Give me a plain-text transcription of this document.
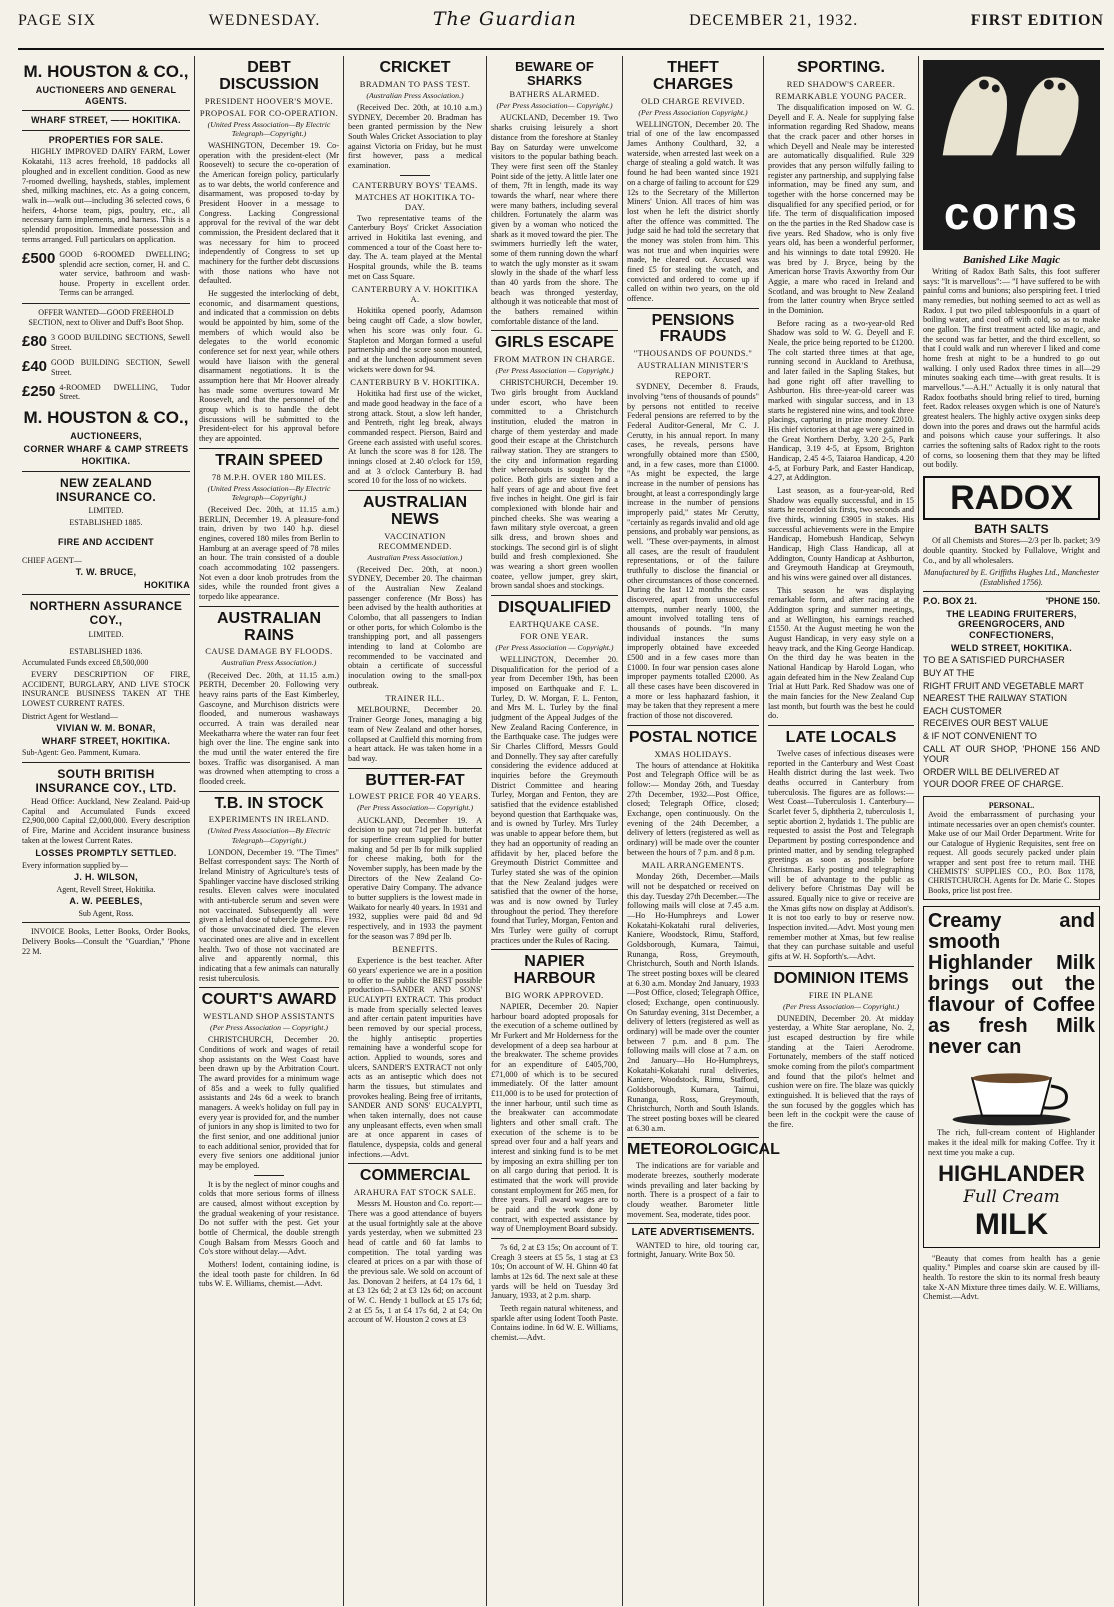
PAGE SIX	WEDNESDAY.	The Guardian	DECEMBER 21, 1932.	FIRST EDITION
M. HOUSTON & CO.,
AUCTIONEERS AND GENERAL AGENTS.
WHARF STREET, —— HOKITIKA.
PROPERTIES FOR SALE.

HIGHLY IMPROVED DAIRY FARM, Lower Kokatahi, 113 acres freehold, 18 paddocks all ploughed and in excellent condition. Good as new 7-roomed dwelling, haysheds, stables, implement shed, milking machines, etc. As a going concern, walk in—walk out—including 36 selected cows, 6 heifers, 4-horse team, pigs, poultry, etc., all necessary farm implements, and harness. This is a splendid proposition. Immediate possession and terms arranged. Full particulars on application.

£500 GOOD 6-ROOMED DWELLING; splendid acre section, corner, H. and C. water service, bathroom and wash-house. Property in excellent order. Terms can be arranged.
OFFER WANTED—GOOD FREEHOLD SECTION, next to Oliver and Duff's Boot Shop.
£80 3 GOOD BUILDING SECTIONS, Sewell Street.
£40 GOOD BUILDING SECTION, Sewell Street.
£250 4-ROOMED DWELLING, Tudor Street.
M. HOUSTON & CO.,
AUCTIONEERS,
CORNER WHARF & CAMP STREETS
HOKITIKA.
NEW ZEALAND INSURANCE CO.
LIMITED.
ESTABLISHED 1885.
FIRE AND ACCIDENT
CHIEF AGENT—
T. W. BRUCE,
HOKITIKA
NORTHERN ASSURANCE COY.,
LIMITED.
ESTABLISHED 1836.
Accumulated Funds exceed £8,500,000

EVERY DESCRIPTION OF FIRE, ACCIDENT, BURGLARY, AND LIVE STOCK INSURANCE BUSINESS TAKEN AT THE LOWEST CURRENT RATES.

District Agent for Westland—
VIVIAN W. M. BONAR,
WHARF STREET, HOKITIKA.
Sub-Agent: Geo. Pamment, Kumara.
SOUTH BRITISH INSURANCE COY., LTD.

Head Office: Auckland, New Zealand. Paid-up Capital and Accumulated Funds exceed £2,900,000 Capital £2,000,000. Every description of Fire, Marine and Accident insurance business taken at the lowest Current Rates.

LOSSES PROMPTLY SETTLED.
Every information supplied by—
J. H. WILSON,
Agent, Revell Street, Hokitika.
A. W. PEEBLES,
Sub Agent, Ross.

INVOICE Books, Letter Books, Order Books, Delivery Books—Consult the "Guardian," 'Phone 22 M.

DEBT DISCUSSION
PRESIDENT HOOVER'S MOVE.
PROPOSAL FOR CO-OPERATION.
(United Press Association—By Electric Telegraph—Copyright.)

WASHINGTON, December 19. Co-operation with the president-elect (Mr Roosevelt) to secure the co-operation of the American foreign policy, particularly as to war debts, the world conference and disarmament, was proposed to-day by President Hoover in a message to Congress. Lacking Congressional approval for the revival of the war debt commission, the President declared that it was necessary for him to proceed independently of Congress to set up machinery for the further debt discussions with those nations who have not defaulted.

He suggested the interlocking of debt, economic, and disarmament questions, and indicated that a commission on debts would be appointed by him, some of the members of which would also be delegates to the world economic conference set for next year, while others would have liaison with the general disarmament negotiations. It is the assumption here that Mr Hoover already has made some overtures toward Mr Roosevelt, and that the personnel of the group which is to handle the debt discussions will be submitted to the President-elect for his approval before they are appointed.

TRAIN SPEED
78 M.P.H. OVER 180 MILES.
(United Press Association—By Electric Telegraph—Copyright.)

(Received Dec. 20th, at 11.15 a.m.) BERLIN, December 19. A pleasure-fond train, driven by two 140 h.p. diesel engines, covered 180 miles from Berlin to Hamburg at an average speed of 78 miles an hour. The train consisted of a double coach accommodating 102 passengers. Not even a door knob protrudes from the sides, while the rounded front gives a torpedo like appearance.

AUSTRALIAN RAINS
CAUSE DAMAGE BY FLOODS.
Australian Press Association.)

(Received Dec. 20th, at 11.15 a.m.) PERTH, December 20. Following very heavy rains parts of the East Kimberley, Gascoyne, and Murchison districts were flooded, and numerous washaways occurred. A train was derailed near Meekatharra where the water ran four feet high over the line. The engine sank into the mud until the water entered the fire boxes. Traffic was disorganised. A man was drowned when attempting to cross a flooded creek.

T.B. IN STOCK
EXPERIMENTS IN IRELAND.
(United Press Association—By Electric Telegraph—Copyright.)

LONDON, December 19. "The Times" Belfast correspondent says: The North of Ireland Ministry of Agriculture's tests of Spahlinger vaccine have disclosed striking results. Eleven calves were inoculated with anti-tubercle serum and seven were not vaccinated. Subsequently all were given a lethal dose of tubercle germs. Five of those unvaccinated died. The eleven vaccinated ones are alive and in excellent health. Two of those not vaccinated are alive and apparently normal, this indicating that a few animals can naturally resist tuberculosis.

COURT'S AWARD
WESTLAND SHOP ASSISTANTS
(Per Press Association — Copyright.)

CHRISTCHURCH, December 20. Conditions of work and wages of retail shop assistants on the West Coast have been drawn up by the Arbitration Court. The award provides for a minimum wage of 85s and a week to fully qualified assistants and 24s 6d a week to branch managers. A week's holiday on full pay in every year is provided for, and the number of juniors in any shop is limited to two for the first senior, and one additional junior to each additional senior, provided that for every five seniors one additional junior may be employed.

It is by the neglect of minor coughs and colds that more serious forms of illness are caused, almost without exception by the gradual weakening of your resistance. Do not suffer with the pest. Get your bottle of Chermical, the double strength Cough Balsam from Messrs Gooch and Co's store without delay.—Advt.

Mothers! Iodent, containing iodine, is the ideal tooth paste for children. In 6d tubs W. E. Williams, chemist.—Advt.

CRICKET
BRADMAN TO PASS TEST.
(Australian Press Association.)

(Received Dec. 20th, at 10.10 a.m.) SYDNEY, December 20. Bradman has been granted permission by the New South Wales Cricket Association to play against Victoria on Friday, but he must first however, pass a medical examination.

CANTERBURY BOYS' TEAMS.
MATCHES AT HOKITIKA TO-DAY.

Two representative teams of the Canterbury Boys' Cricket Association arrived in Hokitika last evening, and commenced a tour of the Coast here to-day. The A. team played at the Mental Hospital grounds, while the B. teams met on Cass Square.

CANTERBURY A V. HOKITIKA A.

Hokitika opened poorly, Adamson being caught off Cade, a slow bowler, when his score was only four. G. Stapleton and Morgan formed a useful partnership and the score soon mounted, and at the luncheon adjournment seven wickets were down for 94.

CANTERBURY B V. HOKITIKA.

Hokitika had first use of the wicket, and made good headway in the face of a strong attack. Stout, a slow left hander, and Pentreth, right leg break, always commanded respect. Pierson, Baird and Greene each assisted with useful scores. At lunch the score was 8 for 128. The innings closed at 2.40 o'clock for 159, and at 3 o'clock Canterbury B. had scored 10 for the loss of no wickets.

AUSTRALIAN NEWS
VACCINATION RECOMMENDED.
Australian Press Association.)

(Received Dec. 20th, at noon.) SYDNEY, December 20. The chairman of the Australian New Zealand passenger conference (Mr Boss) has been advised by the health authorities at Colombo, that all passengers to Indian or other ports, for which Colombo is the transhipping port, and all passengers intending to land at Colombo are recommended to be vaccinated and obtain a certificate of successful inoculation owing to the small-pox outbreak.

TRAINER ILL.

MELBOURNE, December 20. Trainer George Jones, managing a big team of New Zealand and other horses, collapsed at Caulfield this morning from a heart attack. He was taken home in a bad way.

BUTTER-FAT
LOWEST PRICE FOR 40 YEARS.
(Per Press Association— Copyright.)

AUCKLAND, December 19. A decision to pay out 71d per lb. butterfat for superfine cream supplied for butter making and 5d per lb for milk supplied for cheese making, both for the November supply, has been made by the Directors of the New Zealand Co-operative Dairy Company. The advance to butter suppliers is the lowest made in Waikato for nearly 40 years. In 1931 and 1932, supplies were paid 8d and 9d respectively, and in 1933 the payment for the season was 7 89d per lb.

BENEFITS.

Experience is the best teacher. After 60 years' experience we are in a position to offer to the public the BEST possible production—SANDER AND SONS' EUCALYPTI EXTRACT. This product is made from specially selected leaves and after certain patent impurities have been removed by our special process, the highly antiseptic properties remaining have a wonderful scope for action. Applied to wounds, sores and ulcers, SANDER'S EXTRACT not only acts as an antiseptic which does not harm the tissues, but stimulates and provokes healing. Being free of irritants, SANDER AND SONS' EUCALYPTI, when taken internally, does not cause any unpleasant effects, even when small are at once apparent in cases of flatulence, dyspepsia, colds and general infections.—Advt.

COMMERCIAL
ARAHURA FAT STOCK SALE.

Messrs M. Houston and Co. report:—There was a good attendance of buyers at the usual fortnightly sale at the above yards yesterday, when we submitted 23 head of cattle and 60 fat lambs to competition. The total yarding was cleared at prices on a par with those of the previous sale. We sold on account of Jas. Donovan 2 heifers, at £4 17s 6d, 1 at £3 12s 6d; 2 at £3 12s 6d; on account of W. C. Hendy 1 bullock at £5 17s 6d; 2 at £5 5s, 1 at £4 17s 6d, 2 at £4; On account of W. Houston 2 cows at £3

BEWARE OF SHARKS
BATHERS ALARMED.
(Per Press Association— Copyright.)

AUCKLAND, December 19. Two sharks cruising leisurely a short distance from the foreshore at Stanley Bay on Saturday were unwelcome visitors to the popular bathing beach. They were first seen off the Stanley Point side of the jetty. A little later one of them, 7ft in length, made its way towards the wharf, near where there were many bathers, including several children. Fortunately the alarm was given by a woman who noticed the shark as it moved toward the pier. The swimmers hurriedly left the water, some of them running down the wharf to watch the ugly monster as it swam slowly in the shade of the wharf less than 40 yards from the shore. The beach was thronged yesterday, although it was noticeable that most of the bathers remained within comfortable distance of the land.

GIRLS ESCAPE
FROM MATRON IN CHARGE.
(Per Press Association — Copyright.)

CHRISTCHURCH, December 19. Two girls brought from Auckland under escort, who have been committed to a Christchurch institution, eluded the matron in charge of them yesterday and made good their escape at the Christchurch railway station. They are strangers to the city and information regarding their whereabouts is sought by the police. Both girls are sixteen and a half years of age and about five feet five inches in height. One girl is fair complexioned with blonde hair and pinched cheeks. She was wearing a fawn military style overcoat, a green silk dress, and brown shoes and stockings. The second girl is of slight build and fresh complexioned. She was wearing a short green woollen coatee, yellow jumper, grey skirt, brown sandal shoes and stockings.

DISQUALIFIED
EARTHQUAKE CASE.
FOR ONE YEAR.
(Per Press Association — Copyright.)

WELLINGTON, December 20. Disqualification for the period of a year from December 19th, has been imposed on Earthquake and F. L. Turley, D. W. Morgan, F. L. Fenton, and Mrs M. L. Turley by the final judgment of the Appeal Judges of the New Zealand Racing Conference, in the Earthquake case. The judges were Sir Charles Clifford, Messrs Gould and Donnelly. They say after carefully considering the evidence adduced at inquiries before the Greymouth District Committee and hearing Turley, Morgan and Fenton, they are satisfied that the evidence established beyond question that Earthquake was, and is owned by Turley. Mrs Turley was unable to appear before them, but they had an opportunity of reading an affidavit by her, placed before the Greymouth District Committee and Turley stated she was of the opinion that the New Zealand judges were satisfied that the owner of the horse, was and is now owned by Turley throughout the period. They therefore found that Turley, Morgan, Fenton and Mrs Turley were guilty of corrupt practices under the Rules of Racing.

NAPIER HARBOUR
BIG WORK APPROVED.

NAPIER, December 20. Napier harbour board adopted proposals for the execution of a scheme outlined by Mr Furkert and Mr Holderness for the development of a deep sea harbour at the breakwater. The scheme provides for an expenditure of £405,700, £71,000 of which is to be secured immediately. Of the latter amount £11,000 is to be used for protection of the inner harbour, until such time as the breakwater can accommodate lighters and other small craft. The execution of the scheme is to be spread over four and a half years and interest and sinking fund is to be met by imposing an extra shilling per ton on all cargo during that period. It is estimated that the work will provide constant employment for 265 men, for three years. Full award wages are to be paid and the work done by contract, with expected assistance by way of Unemployment Board subsidy.

7s 6d, 2 at £3 15s; On account of T. Creagh 3 steers at £5 5s, 1 stag at £3 10s; On account of W. H. Ghinn 40 fat lambs at 12s 6d. The next sale at these yards will be held on Tuesday 3rd January, 1933, at 2 p.m. sharp.

Teeth regain natural whiteness, and sparkle after using Iodent Tooth Paste. Contains iodine. In 6d W. E. Williams, chemist.—Advt.

THEFT CHARGES
OLD CHARGE REVIVED.
(Per Press Association Copyright.)

WELLINGTON, December 20. The trial of one of the law encompassed James Anthony Coulthard, 32, a waterside, when arrested last week on a charge of stealing a gold watch. It was found he had been wanted since 1921 on a charge of failing to account for £29 12s to the Secretary of the Millerton Miners' Union. All traces of him was lost when he left the district shortly after the offence was committed. The judge said he had told the secretary that the money was stolen from him. This was not true and when inquiries were made, he cleared out. Accused was fined £5 for stealing the watch, and convicted and ordered to come up if called on within two years, on the old offence.

PENSIONS FRAUDS
"THOUSANDS OF POUNDS."
AUSTRALIAN MINISTER'S REPORT.

SYDNEY, December 8. Frauds, involving "tens of thousands of pounds" by persons not entitled to receive Federal pensions are referred to by the Federal Auditor-General, Mr C. J. Cerutty, in his annual report. In many cases, he reveals, persons have wrongfully obtained more than £500, and, in a few cases, more than £1000. "As might be expected, the large increase in the number of pensions has brought, at least a correspondingly large increase in the number of pensions improperly paid," states Mr Cerutty, "certainly as regards invalid and old age pensions, and probably war pensions, as well. "These over-payments, in almost all cases, are the result of fraudulent representations, or of the failure truthfully to disclose the financial or other circumstances of those concerned. During the last 12 months the cases discovered, apart from unsuccessful attempts, number nearly 1000, the amount involved totalling tens of thousands of pounds. "In many individual instances the sums improperly obtained have exceeded £500 and in a few cases more than £1000. In four war pension cases alone improper payments totalled £2000. As all these cases have been discovered in a more or less haphazard fashion, it may be taken that they represent a mere fraction of those not discovered.

POSTAL NOTICE
XMAS HOLIDAYS.

The hours of attendance at Hokitika Post and Telegraph Office will be as follow:— Monday 26th, and Tuesday 27th December, 1932—Post Office, closed; Telegraph Office, closed; Exchange, open continuously. On the evening of the 24th December, a delivery of letters (registered as well as ordinary) will be made over the counter between the hours of 7 p.m. and 8 p.m.

MAIL ARRANGEMENTS.

Monday 26th, December.—Mails will not be despatched or received on this day. Tuesday 27th December.—The following mails will close at 7.45 a.m.—Ho Ho-Humphreys and Lower Kokatahi-Kokatahi rural deliveries, Kaniere, Woodstock, Rimu, Stafford, Goldsborough, Kumara, Taimui, Runanga, Ross, Greymouth, Christchurch, South and North Islands. The street posting boxes will be cleared at 6.30 a.m. Monday 2nd January, 1933—Post Office, closed; Telegraph Office, closed; Exchange, open continuously. On Saturday evening, 31st December, a delivery of letters (registered as well as ordinary) will be made over the counter between 7 p.m. and 8 p.m. The following mails will close at 7 a.m. on 2nd January—Ho Ho-Humphreys, Kokatahi-Kokatahi rural deliveries, Kaniere, Woodstock, Rimu, Stafford, Goldsborough, Kumara, Taimui, Runanga, Ross, Greymouth, Christchurch, North and South Islands. The street posting boxes will be cleared at 6.30 a.m.

METEOROLOGICAL

The indications are for variable and moderate breezes, southerly moderate winds prevailing and later backing by north. There is a prospect of a fair to cloudy weather. Barometer little movement. Sea, moderate, tides poor.

LATE ADVERTISEMENTS.

WANTED to hire, old touring car, fortnight, January. Write Box 50.

SPORTING.
RED SHADOW'S CAREER.
REMARKABLE YOUNG PACER.

The disqualification imposed on W. G. Deyell and F. A. Neale for supplying false information regarding Red Shadow, means that the crack pacer and other horses in which Deyell and Neale may be interested are automatically disqualified. Rule 329 provides that any person wilfully failing to register any partnership, and supplying false information, may be fined any sum, and together with the horse concerned may be disqualified for any specified period, or for life. The term of disqualification imposed on the the parties in the Red Shadow case is five years. Red Shadow, who is only five years old, has been a wonderful performer, and his winnings to date total £9920. He was bred by J. Bryce, being by the American horse Travis Axworthy from Our Aggie, a mare who raced in Ireland and Scotland, and was brought to New Zealand from the latter country when Bryce settled in the Dominion.

Before racing as a two-year-old Red Shadow was sold to W. G. Deyell and F. Neale, the price being reported to be £1200. The colt started three times at that age, running second in Auckland to Arethusa, and later failed in the Sapling Stakes, but had gone right off after travelling to Ashburton. His three-year-old career was marked with singular success, and in 13 starts he registered nine wins, and took three placings, capturing in prize money £2010. His chief victories at that age were gained in the Great Northern Derby, 3.20 2-5, Park Handicap, 3.19 4-5, at Epsom, Brighton Handicap, 2.45 4-5, Taiaroa Handicap, 4.20 4-5, at Forbury Park, and Easter Handicap, 4.27, at Addington.

Last season, as a four-year-old, Red Shadow was equally successful, and in 15 starts he recorded six firsts, two seconds and five thirds, winning £3905 in stakes. His successful achievements were in the Empire Handicap, Homebush Handicap, Selwyn Handicap, High Class Handicap, all at Addington, County Handicap at Ashburton, and Greymouth Handicap at Greymouth, and his wins were gained over all distances.

This season he was displaying remarkable form, and after racing at the Addington spring and summer meetings, and at Wellington, his earnings reached £1550. At the August meeting he won the August Handicap, in very easy style on a heavy track, and the King George Handicap. On the third day he was beaten in the National Handicap by Harold Logan, who again defeated him in the New Zealand Cup Trial at Hutt Park. Red Shadow was one of the main fancies for the New Zealand Cup last month, but fourth was the best he could do.

LATE LOCALS

Twelve cases of infectious diseases were reported in the Canterbury and West Coast Health district during the last week. Two deaths occurred in Canterbury from tuberculosis. The figures are as follows:—West Coast—Tuberculosis 1. Canterbury—Scarlet fever 5, diphtheria 2, tuberculosis 1, septic abortion 2, hydatids 1. The public are requested to assist the Post and Telegraph Department by posting correspondence and printed matter, and by sending telegraphed greetings as soon as possible before Christmas. Early posting and telegraphing will be of advantage to the public as delivery before Christmas Day will be assured. Equally nice to give or receive are the Xmas gifts now on display at Addison's. It is not too early to buy or reserve now. Inspection invited.—Advt. Most young men remember mother at Xmas, but few realise that they can purchase suitable and useful gifts at W. H. Sopforth's.—Advt.

DOMINION ITEMS
FIRE IN PLANE
(Per Press Association— Copyright.)

DUNEDIN, December 20. At midday yesterday, a White Star aeroplane, No. 2, just escaped destruction by fire while standing at the Taieri Aerodrome. Fortunately, members of the staff noticed smoke coming from the pilot's compartment and found that the pilot's helmet and cushion were on fire. The blaze was quickly extinguished. It is believed that the rays of the sun focused by the goggles which has been left in the cockpit were the cause of the fire.

corns
Banished Like Magic

Writing of Radox Bath Salts, this foot sufferer says: "It is marvellous":— "I have suffered to be with painful corns and bunions; also perspiring feet. I tried many remedies, but nothing seemed to act as well as Radox. I put two piled tablespoonfuls in a quart of boiling water, and cool off with cold, so as to make one gallon. The first treatment acted like magic, and the second was far better, and the third excellent, so that I could walk and run wherever I liked and come home fresh at night to be a hundred to go out walking. I only used Radox three times in all—29 minutes soaking each time—with great results. It is marvellous."—A.H." Actually it is only natural that Radox footbaths should bring relief to tired, burning feet. Radox releases oxygen which is one of Nature's greatest healers. The highly active oxygen sinks deep down into the pores and draws out the harmful acids and poisons which cause your sufferings. It also carries the softening salts of Radox right to the roots of corns, so loosening them that they may be lifted out bodily.

RADOX
BATH SALTS

Of all Chemists and Stores—2/3 per lb. packet; 3/9 double quantity. Stocked by Fullalove, Wright and Co., and by all wholesalers.

Manufactured by E. Griffiths Hughes Ltd., Manchester (Established 1756).
P.O. BOX 21.	'PHONE 150.
THE LEADING FRUITERERS, GREENGROCERS, AND CONFECTIONERS,
WELD STREET, HOKITIKA.
TO BE A SATISFIED PURCHASER
BUY AT THE
RIGHT FRUIT AND VEGETABLE MART
NEAREST THE RAILWAY STATION
EACH CUSTOMER
RECEIVES OUR BEST VALUE
& IF NOT CONVENIENT TO
CALL AT OUR SHOP, 'PHONE 156 AND YOUR
ORDER WILL BE DELIVERED AT
YOUR DOOR FREE OF CHARGE.
PERSONAL.
Avoid the embarrassment of purchasing your intimate necessaries over an open chemist's counter. Make use of our Mail Order Department. Write for our Catalogue of Hygienic Requisites, sent free on request. All goods securely packed under plain wrapper and sent post free to return mail. THE CHEMISTS' SUPPLIES CO., P.O. Box 1178, CHRISTCHURCH. Agents for Dr. Marie C. Stopes Books, price list post free.
Creamy and smooth Highlander Milk brings out the flavour of Coffee as fresh Milk never can

The rich, full-cream content of Highlander makes it the ideal milk for making Coffee. Try it next time you make a cup.

HIGHLANDER
Full Cream
MILK

"Beauty that comes from health has a genie quality." Pimples and coarse skin are caused by ill-health. To restore the skin to its normal fresh beauty take X-AN Mixture three times daily. W. E. Williams, Chemist.—Advt.
